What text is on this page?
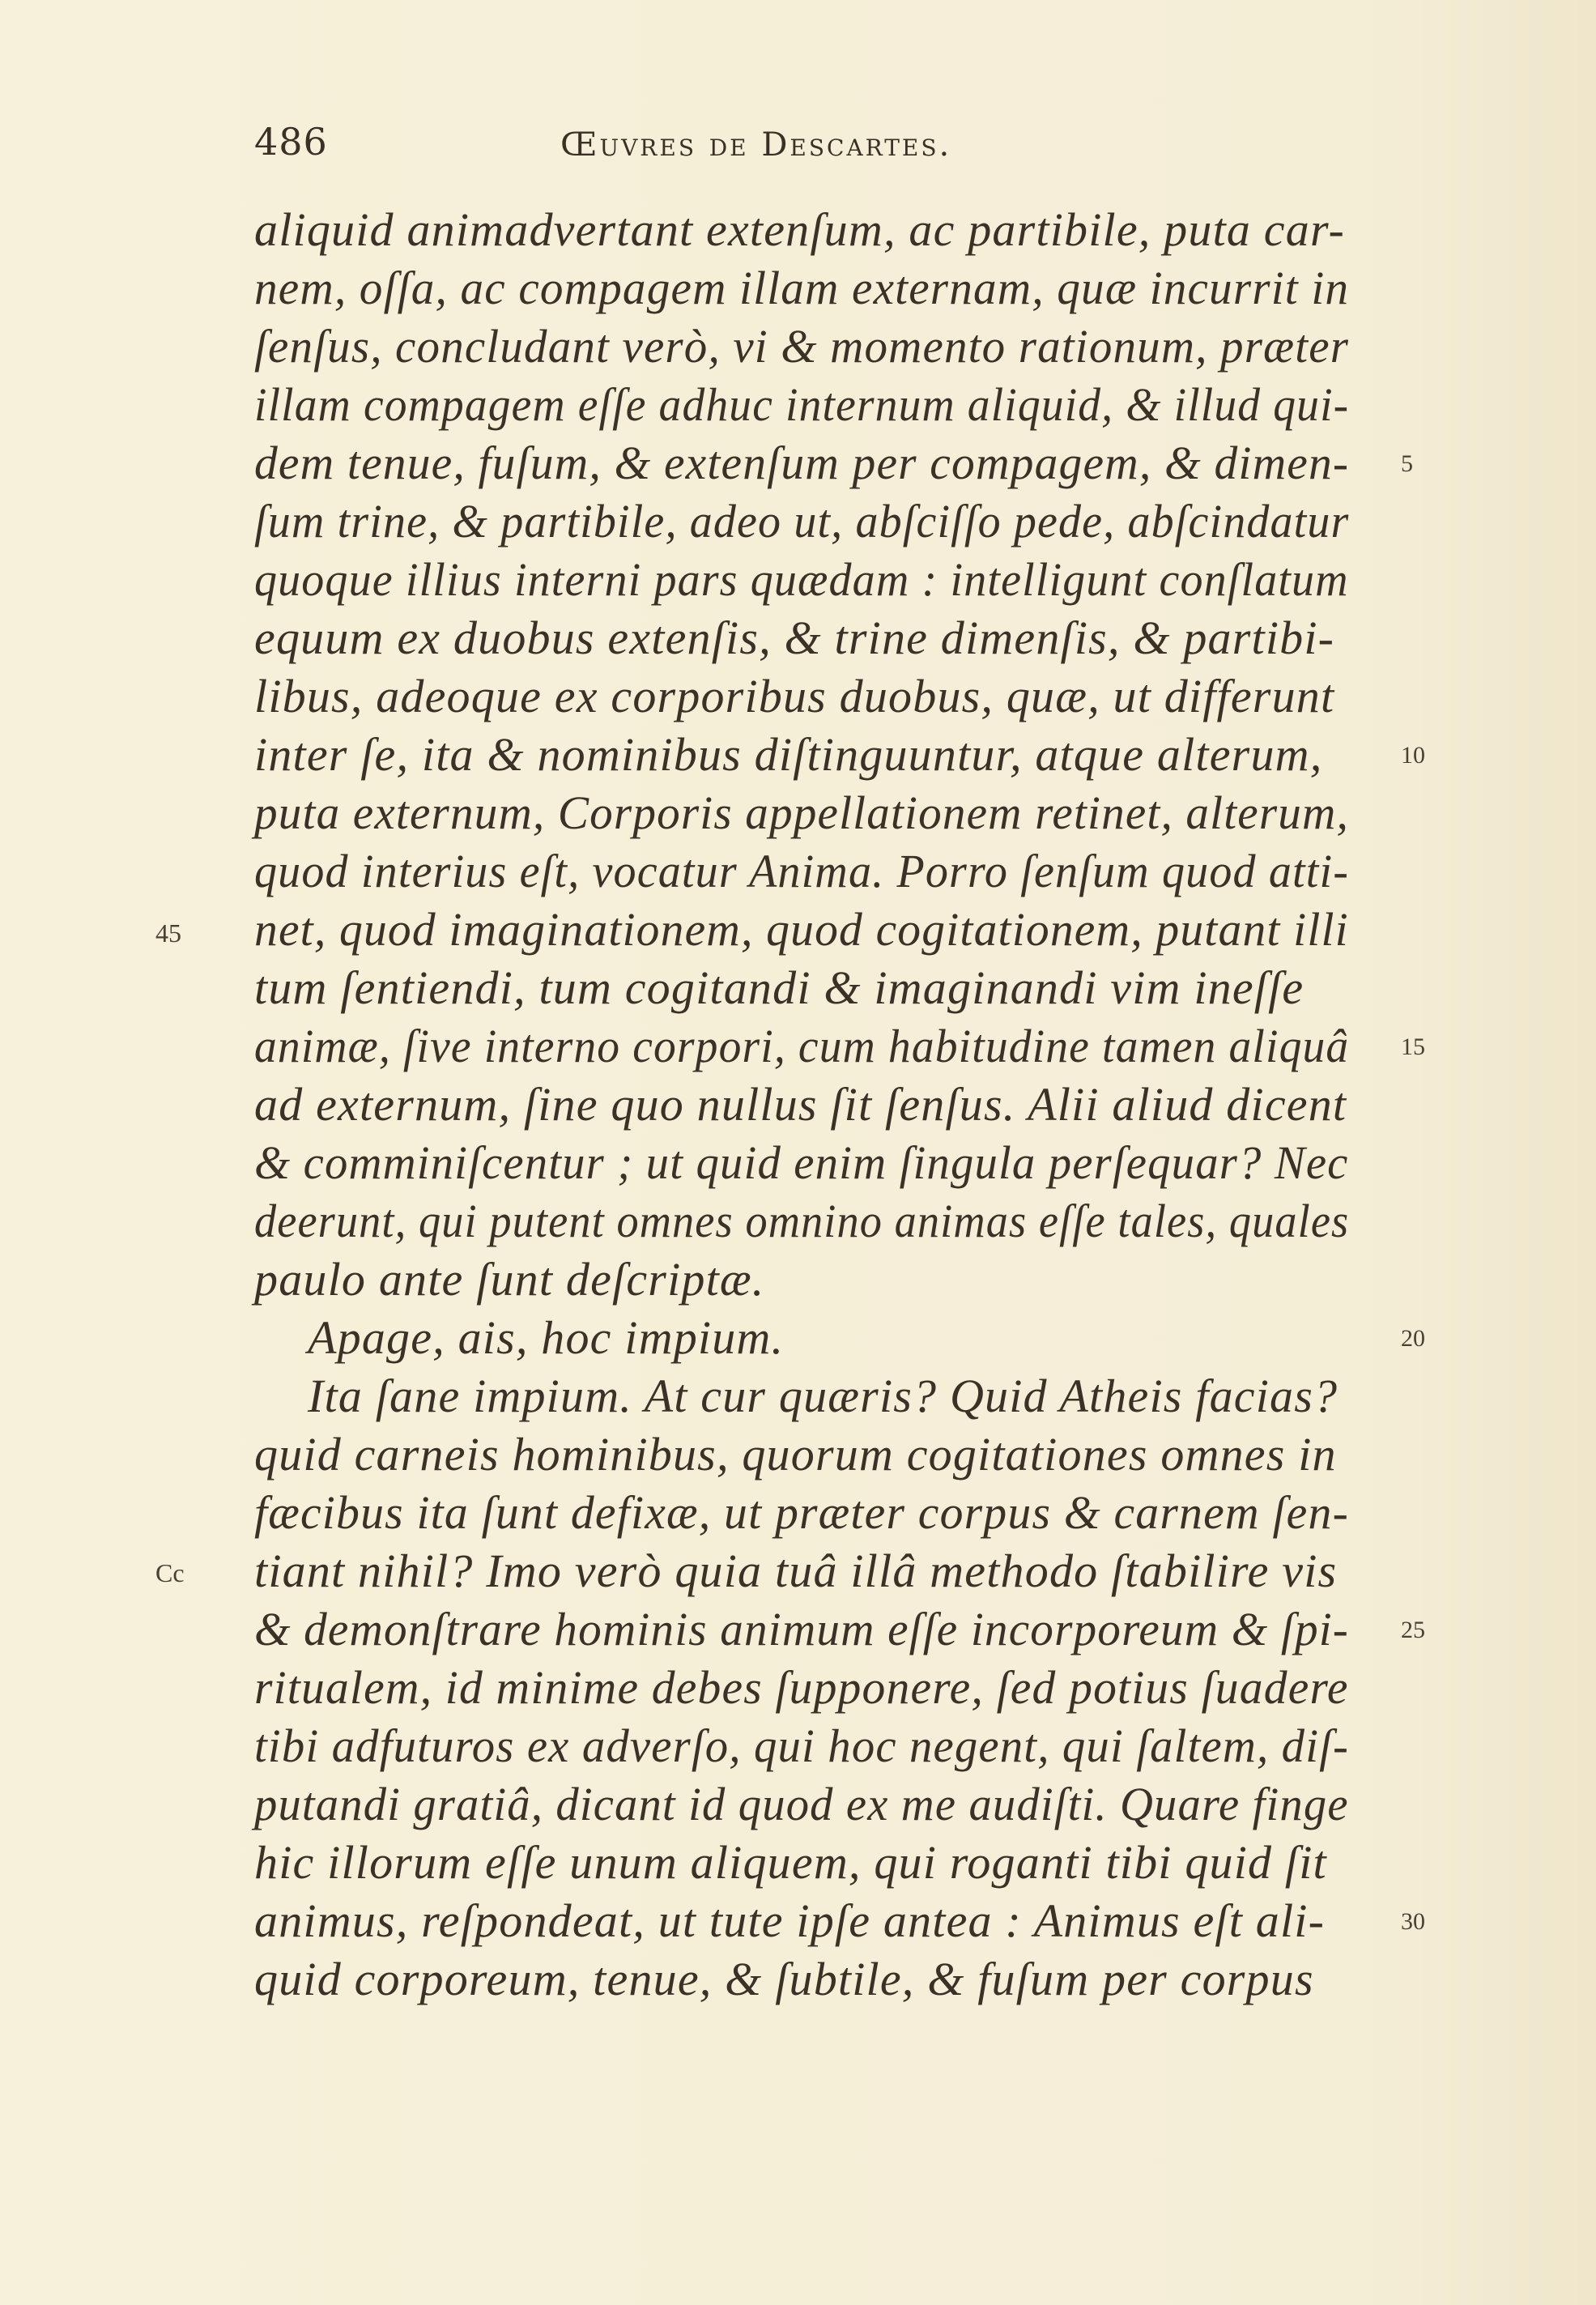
486	Œuvres de Descartes.
aliquid animadvertant extenſum, ac partibile, puta car-
nem, oſſa, ac compagem illam externam, quæ incurrit in
ſenſus, concludant verò, vi & momento rationum, præter
illam compagem eſſe adhuc internum aliquid, & illud qui-
dem tenue, fuſum, & extenſum per compagem, & dimen-
ſum trine, & partibile, adeo ut, abſciſſo pede, abſcindatur
quoque illius interni pars quædam : intelligunt conſlatum
equum ex duobus extenſis, & trine dimenſis, & partibi-
libus, adeoque ex corporibus duobus, quæ, ut differunt
inter ſe, ita & nominibus diſtinguuntur, atque alterum,
puta externum, Corporis appellationem retinet, alterum,
quod interius eſt, vocatur Anima. Porro ſenſum quod atti-
net, quod imaginationem, quod cogitationem, putant illi
tum ſentiendi, tum cogitandi & imaginandi vim ineſſe
animæ, ſive interno corpori, cum habitudine tamen aliquâ
ad externum, ſine quo nullus ſit ſenſus. Alii aliud dicent
& comminiſcentur ; ut quid enim ſingula perſequar? Nec
deerunt, qui putent omnes omnino animas eſſe tales, quales
paulo ante ſunt deſcriptæ.
Apage, ais, hoc impium.
Ita ſane impium. At cur quæris? Quid Atheis facias?
quid carneis hominibus, quorum cogitationes omnes in
fæcibus ita ſunt defixæ, ut præter corpus & carnem ſen-
tiant nihil? Imo verò quia tuâ illâ methodo ſtabilire vis
& demonſtrare hominis animum eſſe incorporeum & ſpi-
ritualem, id minime debes ſupponere, ſed potius ſuadere
tibi adfuturos ex adverſo, qui hoc negent, qui ſaltem, diſ-
putandi gratiâ, dicant id quod ex me audiſti. Quare finge
hic illorum eſſe unum aliquem, qui roganti tibi quid ſit
animus, reſpondeat, ut tute ipſe antea : Animus eſt ali-
quid corporeum, tenue, & ſubtile, & fuſum per corpus
45
Cc
5
10
15
20
25
30
